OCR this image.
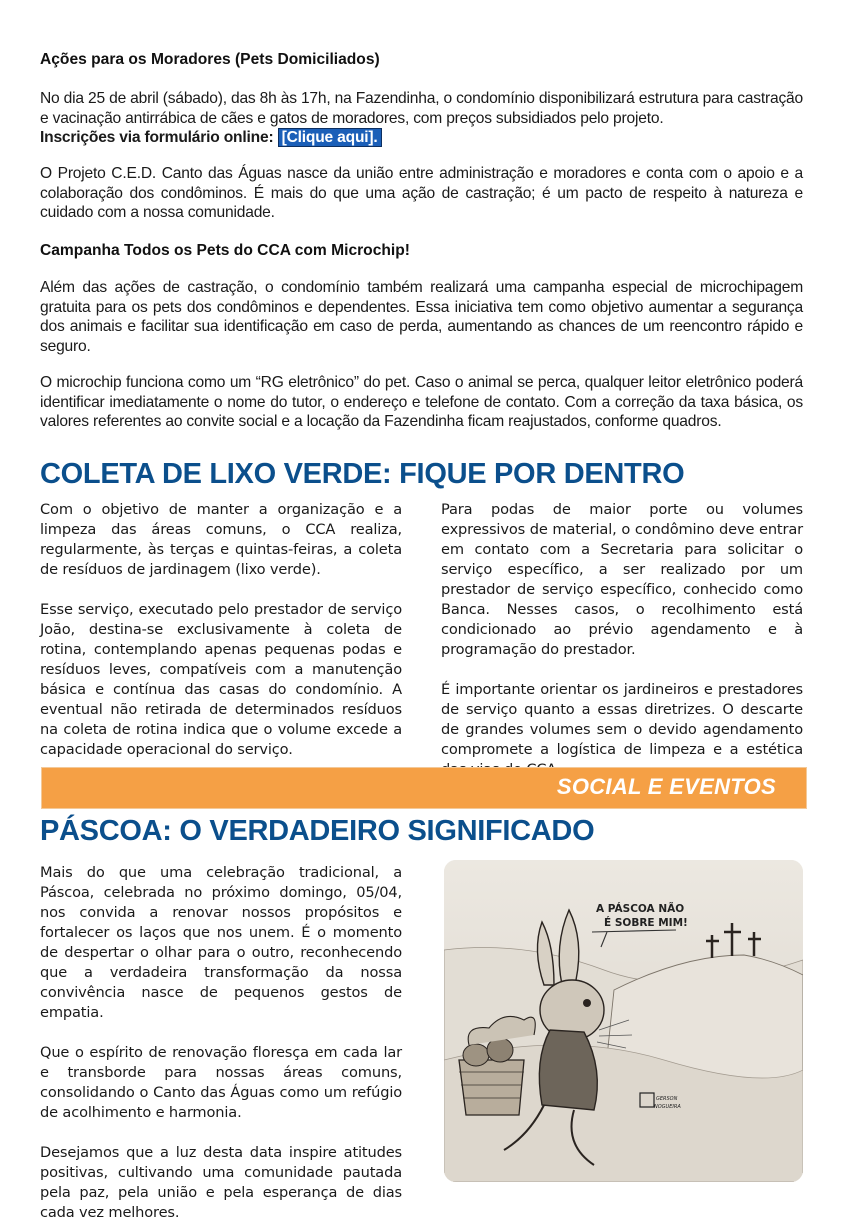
Ações para os Moradores (Pets Domiciliados)

No dia 25 de abril (sábado), das 8h às 17h, na Fazendinha, o condomínio disponibilizará estrutura para castração e vacinação antirrábica de cães e gatos de moradores, com preços subsidiados pelo projeto.
Inscrições via formulário online: [Clique aqui].

O Projeto C.E.D. Canto das Águas nasce da união entre administração e moradores e conta com o apoio e a colaboração dos condôminos. É mais do que uma ação de castração; é um pacto de respeito à natureza e cuidado com a nossa comunidade.

Campanha Todos os Pets do CCA com Microchip!

Além das ações de castração, o condomínio também realizará uma campanha especial de microchipagem gratuita para os pets dos condôminos e dependentes. Essa iniciativa tem como objetivo aumentar a segurança dos animais e facilitar sua identificação em caso de perda, aumentando as chances de um reencontro rápido e seguro.

O microchip funciona como um “RG eletrônico” do pet. Caso o animal se perca, qualquer leitor eletrônico poderá identificar imediatamente o nome do tutor, o endereço e telefone de contato. Com a correção da taxa básica, os valores referentes ao convite social e a locação da Fazendinha ficam reajustados, conforme quadros.

COLETA DE LIXO VERDE: FIQUE POR DENTRO

Com o objetivo de manter a organização e a limpeza das áreas comuns, o CCA realiza, regularmente, às terças e quintas-feiras, a coleta de resíduos de jardinagem (lixo verde).

Esse serviço, executado pelo prestador de serviço João, destina-se exclusivamente à coleta de rotina, contemplando apenas pequenas podas e resíduos leves, compatíveis com a manutenção básica e contínua das casas do condomínio. A eventual não retirada de determinados resíduos na coleta de rotina indica que o volume excede a capacidade operacional do serviço.

Para podas de maior porte ou volumes expressivos de material, o condômino deve entrar em contato com a Secretaria para solicitar o serviço específico, a ser realizado por um prestador de serviço específico, conhecido como Banca. Nesses casos, o recolhimento está condicionado ao prévio agendamento e à programação do prestador.

É importante orientar os jardineiros e prestadores de serviço quanto a essas diretrizes. O descarte de grandes volumes sem o devido agendamento compromete a logística de limpeza e a estética

SOCIAL E EVENTOS
PÁSCOA: O VERDADEIRO SIGNIFICADO

Mais do que uma celebração tradicional, a Páscoa, celebrada no próximo domingo, 05/04, nos convida a renovar nossos propósitos e fortalecer os laços que nos unem. É o momento de despertar o olhar para o outro, reconhecendo que a verdadeira transformação da nossa convivência nasce de pequenos gestos de empatia.

Que o espírito de renovação floresça em cada lar e transborde para nossas áreas comuns, consolidando o Canto das Águas como um refúgio de acolhimento e harmonia.

Desejamos que a luz desta data inspire atitudes positivas, cultivando uma comunidade pautada pela paz, pela união e pela esperança de dias cada vez melhores.

A PÁSCOA NÃO
É SOBRE MIM!
GERSON
NOGUEIRA
